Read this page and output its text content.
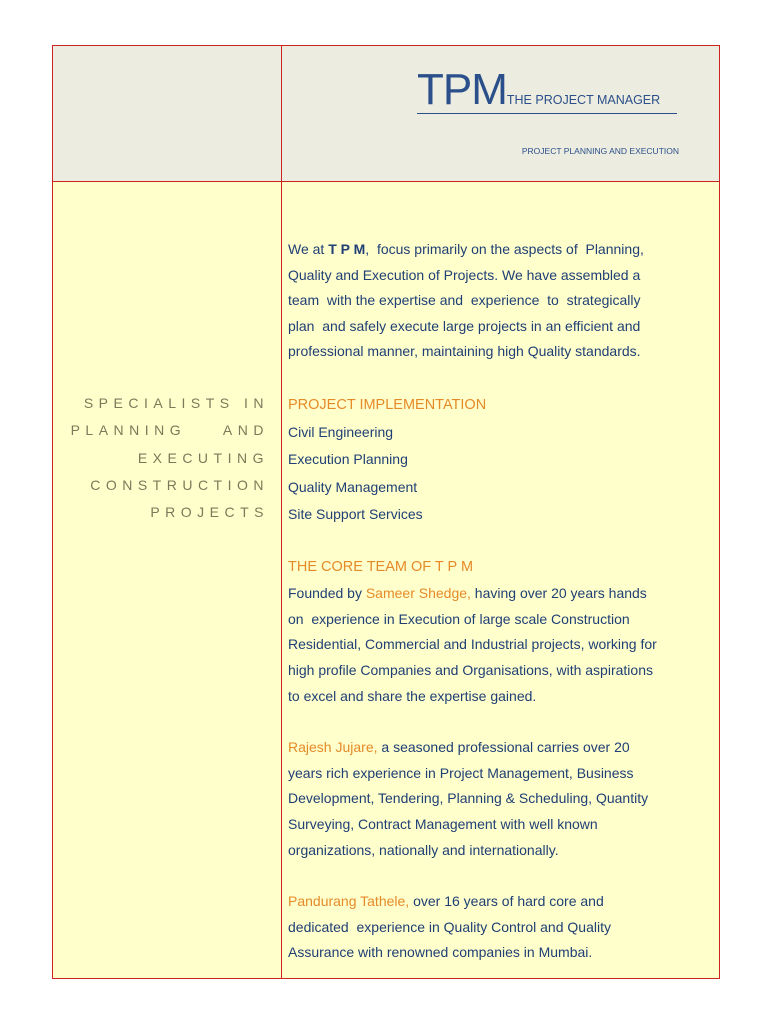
TPMTHE PROJECT MANAGER
PROJECT PLANNING AND EXECUTION
SPECIALISTS IN
PLANNING    AND
EXECUTING
CONSTRUCTION
PROJECTS

We at T P M,  focus primarily on the aspects of  Planning,

Quality and Execution of Projects. We have assembled a

team  with the expertise and  experience  to  strategically

plan  and safely execute large projects in an efficient and

professional manner, maintaining high Quality standards.

PROJECT IMPLEMENTATION

Civil Engineering

Execution Planning

Quality Management

Site Support Services

THE CORE TEAM OF T P M

Founded by Sameer Shedge, having over 20 years hands

on  experience in Execution of large scale Construction

Residential, Commercial and Industrial projects, working for

high profile Companies and Organisations, with aspirations

to excel and share the expertise gained.

Rajesh Jujare, a seasoned professional carries over 20

years rich experience in Project Management, Business

Development, Tendering, Planning & Scheduling, Quantity

Surveying, Contract Management with well known

organizations, nationally and internationally.

Pandurang Tathele, over 16 years of hard core and

dedicated  experience in Quality Control and Quality

Assurance with renowned companies in Mumbai.
